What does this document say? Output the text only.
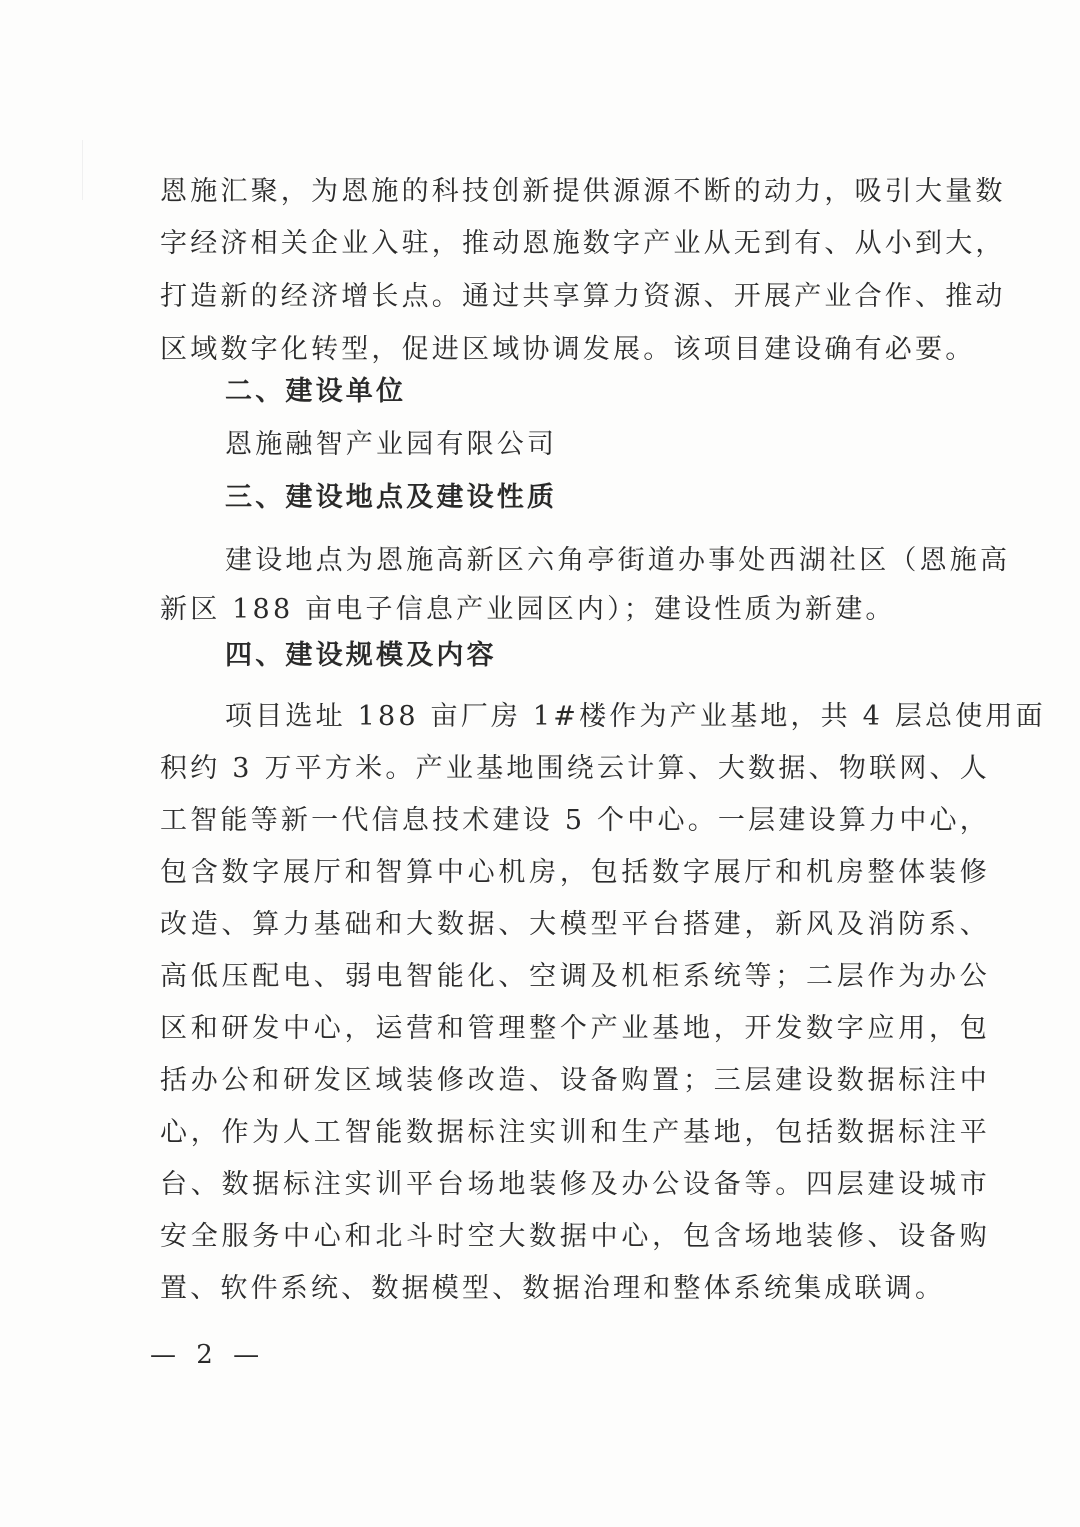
恩施汇聚，为恩施的科技创新提供源源不断的动力，吸引大量数
字经济相关企业入驻，推动恩施数字产业从无到有、从小到大，
打造新的经济增长点。通过共享算力资源、开展产业合作、推动
区域数字化转型，促进区域协调发展。该项目建设确有必要。
二、建设单位
恩施融智产业园有限公司
三、建设地点及建设性质
建设地点为恩施高新区六角亭街道办事处西湖社区（恩施高
新区 188 亩电子信息产业园区内）；建设性质为新建。
四、建设规模及内容
项目选址 188 亩厂房 1#楼作为产业基地，共 4 层总使用面
积约 3 万平方米。产业基地围绕云计算、大数据、物联网、人
工智能等新一代信息技术建设 5 个中心。一层建设算力中心，
包含数字展厅和智算中心机房，包括数字展厅和机房整体装修
改造、算力基础和大数据、大模型平台搭建，新风及消防系、
高低压配电、弱电智能化、空调及机柜系统等；二层作为办公
区和研发中心，运营和管理整个产业基地，开发数字应用，包
括办公和研发区域装修改造、设备购置；三层建设数据标注中
心，作为人工智能数据标注实训和生产基地，包括数据标注平
台、数据标注实训平台场地装修及办公设备等。四层建设城市
安全服务中心和北斗时空大数据中心，包含场地装修、设备购
置、软件系统、数据模型、数据治理和整体系统集成联调。
— 2 —
